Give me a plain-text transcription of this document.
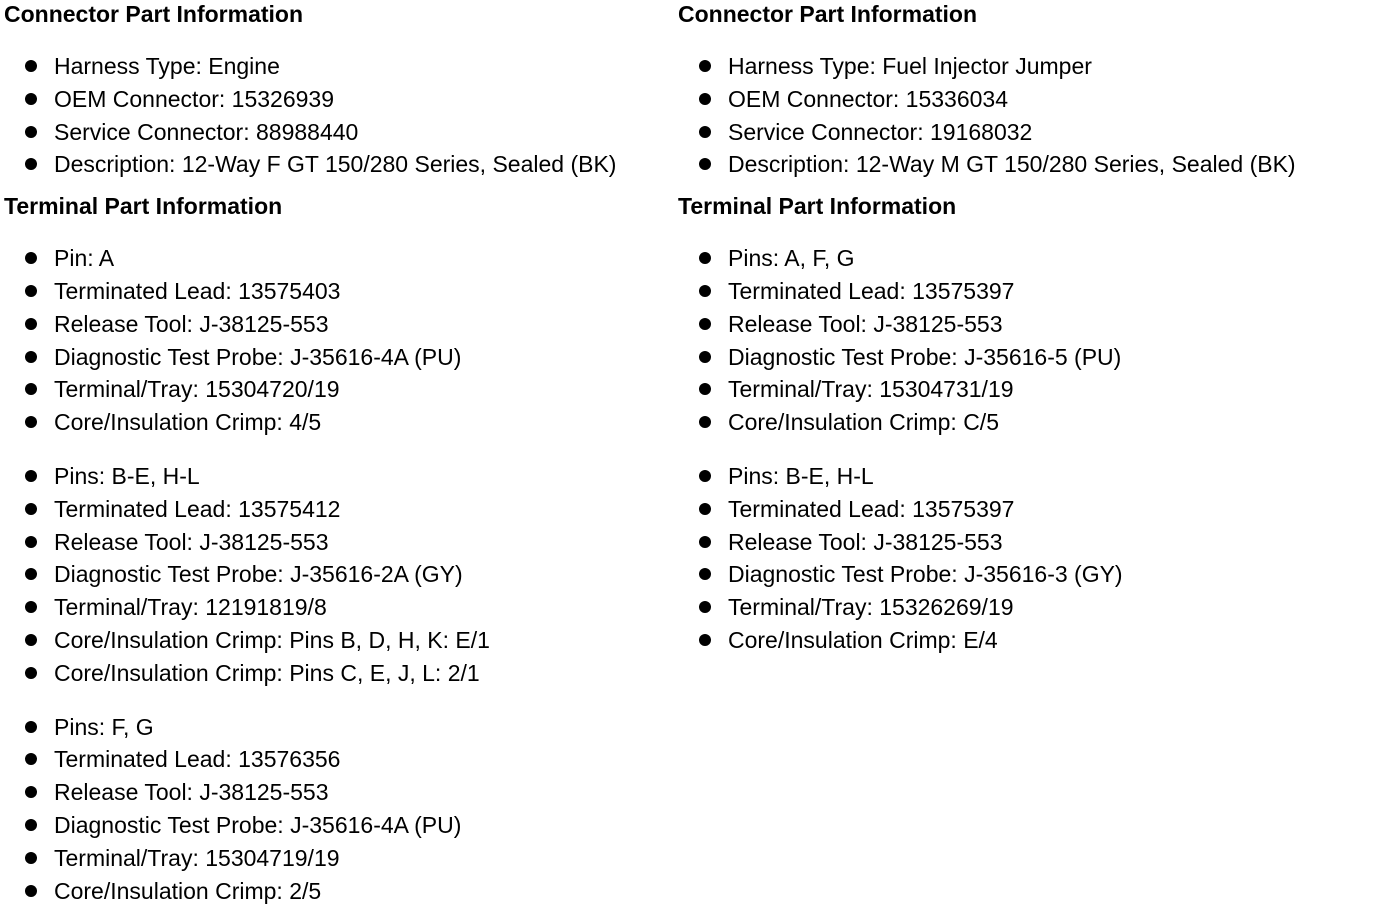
Connector Part Information
Harness Type: Engine
OEM Connector: 15326939
Service Connector: 88988440
Description: 12-Way F GT 150/280 Series, Sealed (BK)
Terminal Part Information
Pin: A
Terminated Lead: 13575403
Release Tool: J-38125-553
Diagnostic Test Probe: J-35616-4A (PU)
Terminal/Tray: 15304720/19
Core/Insulation Crimp: 4/5
Pins: B-E, H-L
Terminated Lead: 13575412
Release Tool: J-38125-553
Diagnostic Test Probe: J-35616-2A (GY)
Terminal/Tray: 12191819/8
Core/Insulation Crimp: Pins B, D, H, K: E/1
Core/Insulation Crimp: Pins C, E, J, L: 2/1
Pins: F, G
Terminated Lead: 13576356
Release Tool: J-38125-553
Diagnostic Test Probe: J-35616-4A (PU)
Terminal/Tray: 15304719/19
Core/Insulation Crimp: 2/5
Connector Part Information
Harness Type: Fuel Injector Jumper
OEM Connector: 15336034
Service Connector: 19168032
Description: 12-Way M GT 150/280 Series, Sealed (BK)
Terminal Part Information
Pins: A, F, G
Terminated Lead: 13575397
Release Tool: J-38125-553
Diagnostic Test Probe: J-35616-5 (PU)
Terminal/Tray: 15304731/19
Core/Insulation Crimp: C/5
Pins: B-E, H-L
Terminated Lead: 13575397
Release Tool: J-38125-553
Diagnostic Test Probe: J-35616-3 (GY)
Terminal/Tray: 15326269/19
Core/Insulation Crimp: E/4
